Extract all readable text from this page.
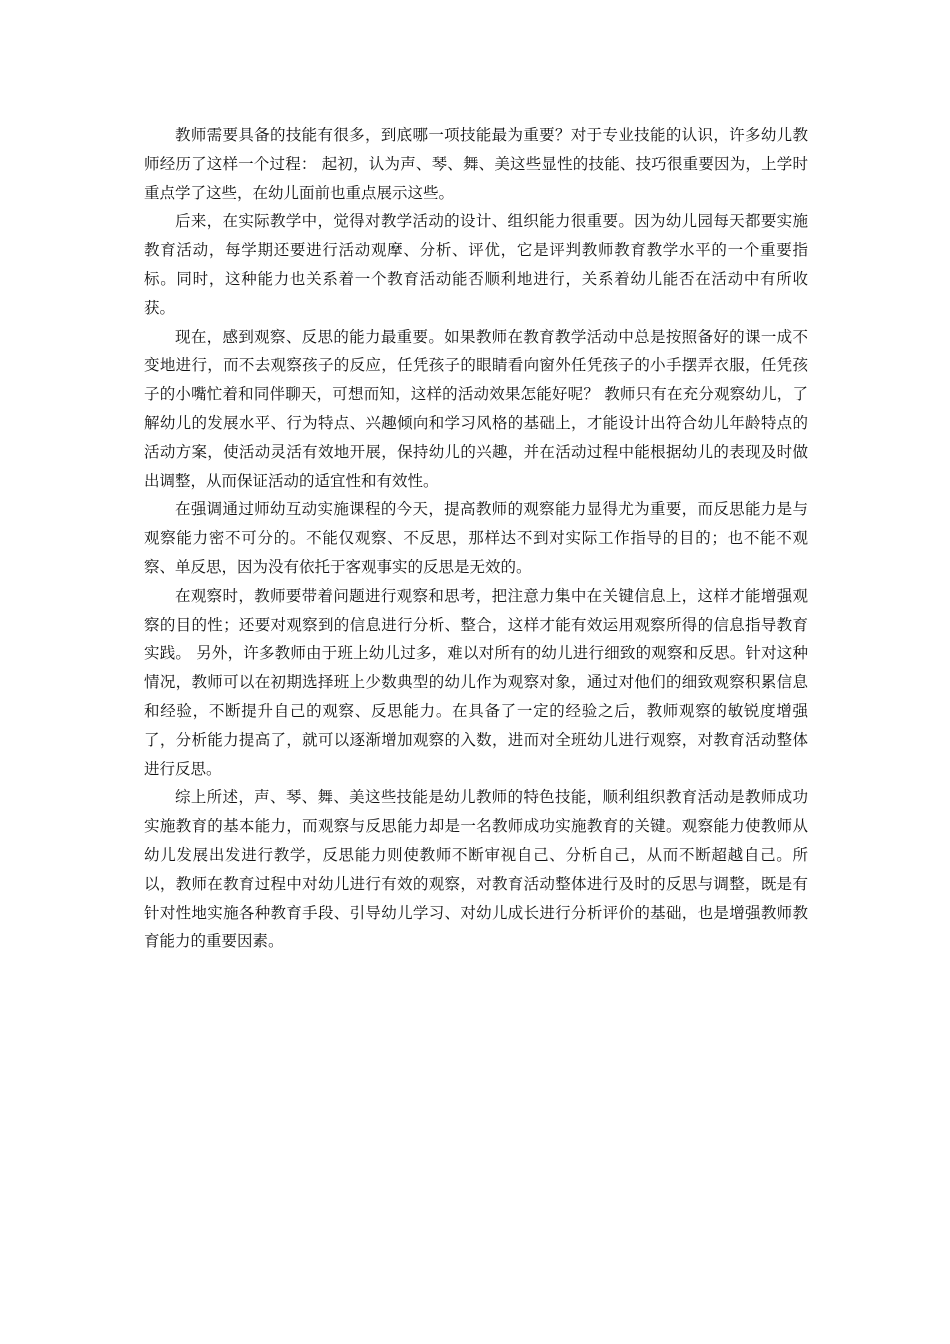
教师需要具备的技能有很多，到底哪一项技能最为重要？对于专业技能的认识，许多幼儿教师经历了这样一个过程： 起初，认为声、琴、舞、美这些显性的技能、技巧很重要因为，上学时重点学了这些，在幼儿面前也重点展示这些。

后来，在实际教学中，觉得对教学活动的设计、组织能力很重要。因为幼儿园每天都要实施教育活动，每学期还要进行活动观摩、分析、评优，它是评判教师教育教学水平的一个重要指标。同时，这种能力也关系着一个教育活动能否顺利地进行，关系着幼儿能否在活动中有所收获。

现在，感到观察、反思的能力最重要。如果教师在教育教学活动中总是按照备好的课一成不变地进行，而不去观察孩子的反应，任凭孩子的眼睛看向窗外任凭孩子的小手摆弄衣服，任凭孩子的小嘴忙着和同伴聊天，可想而知，这样的活动效果怎能好呢？ 教师只有在充分观察幼儿，了解幼儿的发展水平、行为特点、兴趣倾向和学习风格的基础上，才能设计出符合幼儿年龄特点的活动方案，使活动灵活有效地开展，保持幼儿的兴趣，并在活动过程中能根据幼儿的表现及时做出调整，从而保证活动的适宜性和有效性。

在强调通过师幼互动实施课程的今天，提高教师的观察能力显得尤为重要，而反思能力是与观察能力密不可分的。不能仅观察、不反思，那样达不到对实际工作指导的目的；也不能不观察、单反思，因为没有依托于客观事实的反思是无效的。

在观察时，教师要带着问题进行观察和思考，把注意力集中在关键信息上，这样才能增强观察的目的性；还要对观察到的信息进行分析、整合，这样才能有效运用观察所得的信息指导教育实践。 另外，许多教师由于班上幼儿过多，难以对所有的幼儿进行细致的观察和反思。针对这种情况，教师可以在初期选择班上少数典型的幼儿作为观察对象，通过对他们的细致观察积累信息和经验，不断提升自己的观察、反思能力。在具备了一定的经验之后，教师观察的敏锐度增强了，分析能力提高了，就可以逐渐增加观察的入数，进而对全班幼儿进行观察，对教育活动整体进行反思。

综上所述，声、琴、舞、美这些技能是幼儿教师的特色技能，顺利组织教育活动是教师成功实施教育的基本能力，而观察与反思能力却是一名教师成功实施教育的关键。观察能力使教师从幼儿发展出发进行教学，反思能力则使教师不断审视自己、分析自己，从而不断超越自己。所以，教师在教育过程中对幼儿进行有效的观察，对教育活动整体进行及时的反思与调整，既是有针对性地实施各种教育手段、引导幼儿学习、对幼儿成长进行分析评价的基础，也是增强教师教育能力的重要因素。
